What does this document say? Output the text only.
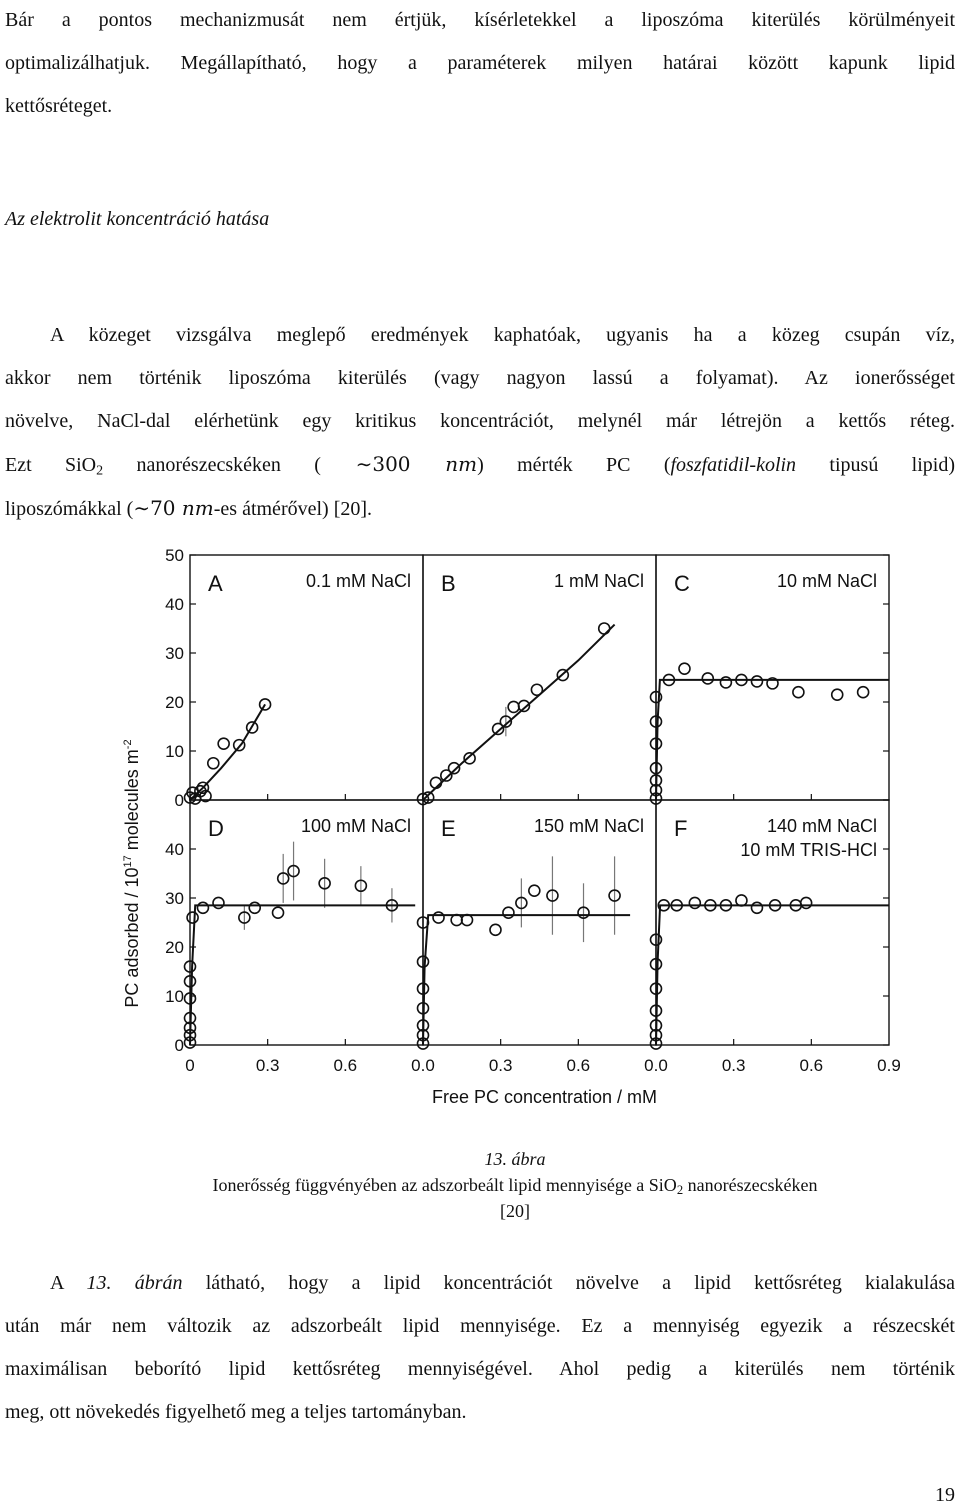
Bár a pontos mechanizmusát nem értjük, kísérletekkel a liposzóma kiterülés körülményeit
optimalizálhatjuk. Megállapítható, hogy a paraméterek milyen határai között kapunk lipid
kettősréteget.

Az elektrolit koncentráció hatása

A közeget vizsgálva meglepő eredmények kaphatóak, ugyanis ha a közeg csupán víz,
akkor nem történik liposzóma kiterülés (vagy nagyon lassú a folyamat). Az ionerősséget
növelve, NaCl-dal elérhetünk egy kritikus koncentrációt, melynél már létrejön a kettős réteg.
Ezt SiO$_2$ nanorészecskéken ( ∼300 nm) mérték PC (foszfatidil-kolin tipusú lipid)
liposzómákkal (∼70 nm-es átmérővel) [20].
0
10
20
30
40
50
0
10
20
30
40
0	0.3	0.6	0.0	0.3	0.6	0.0	0.3	0.6	0.9
Free PC concentration / mM
PC adsorbed / $10^{17}$ molecules $m^{-2}$
A	0.1 mM NaCl B	1 mM NaCl C	10 mM NaCl
D	100 mM NaCl E	150 mM NaCl F	140 mM NaCl
10 mM TRIS-HCl
13. ábra
Ionerősség függvényében az adszorbeált lipid mennyisége a SiO$_2$ nanorészecskéken
[20]
A 13. ábrán látható, hogy a lipid koncentrációt növelve a lipid kettősréteg kialakulása
után már nem változik az adszorbeált lipid mennyisége. Ez a mennyiség egyezik a részecskét
maximálisan beborító lipid kettősréteg mennyiségével. Ahol pedig a kiterülés nem történik
meg, ott növekedés figyelhető meg a teljes tartományban.
19
